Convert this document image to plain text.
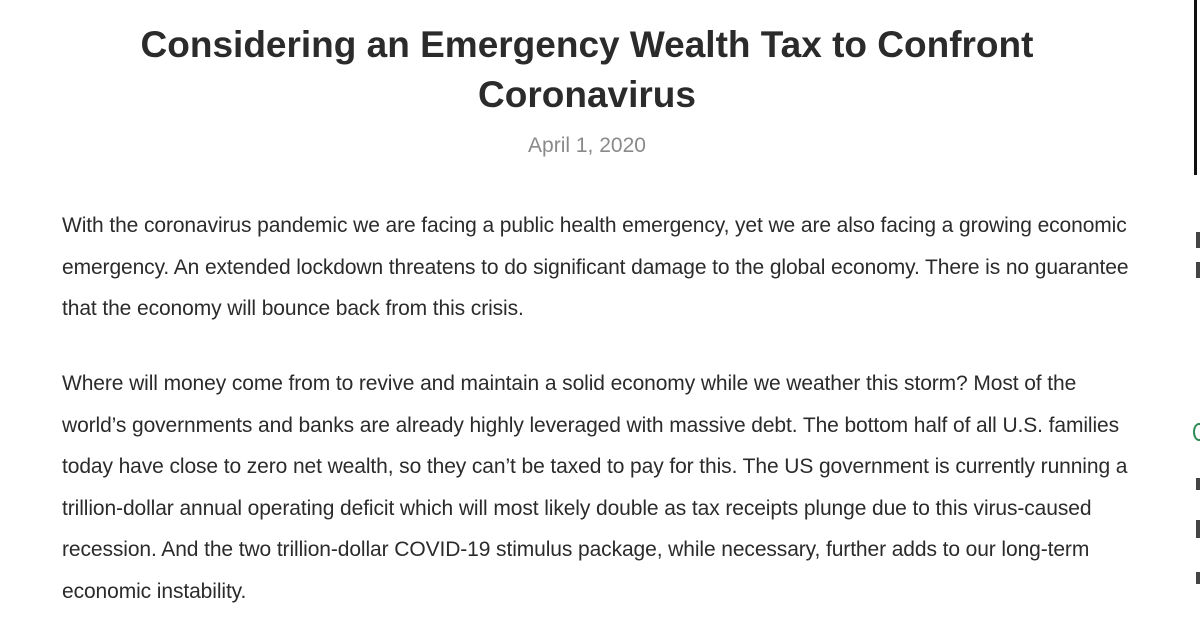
Considering an Emergency Wealth Tax to Confront Coronavirus
April 1, 2020

With the coronavirus pandemic we are facing a public health emergency, yet we are also facing a growing economic emergency. An extended lockdown threatens to do significant damage to the global economy. There is no guarantee that the economy will bounce back from this crisis.

Where will money come from to revive and maintain a solid economy while we weather this storm? Most of the world’s governments and banks are already highly leveraged with massive debt. The bottom half of all U.S. families today have close to zero net wealth, so they can’t be taxed to pay for this. The US government is currently running a trillion-dollar annual operating deficit which will most likely double as tax receipts plunge due to this virus-caused recession. And the two trillion-dollar COVID-19 stimulus package, while necessary, further adds to our long-term economic instability.
